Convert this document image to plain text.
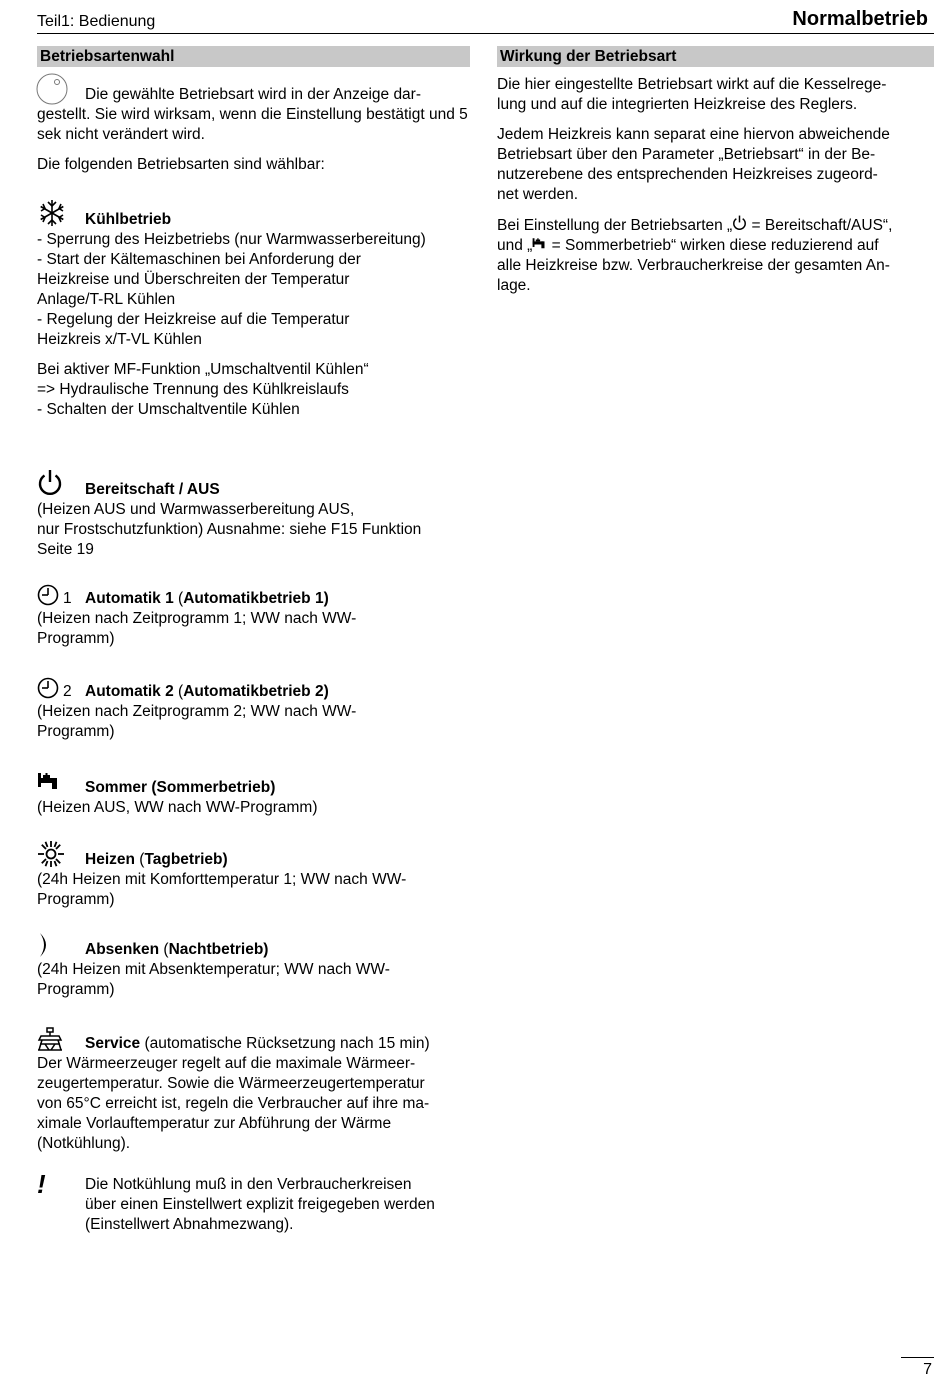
Teil1: Bedienung	Normalbetrieb
Betriebsartenwahl

Die gewählte Betriebsart wird in der Anzeige dar-

gestellt. Sie wird wirksam, wenn die Einstellung bestätigt und 5 sek nicht verändert wird.

Die folgenden Betriebsarten sind wählbar:

Kühlbetrieb

- Sperrung des Heizbetriebs (nur Warmwasserbereitung)

- Start der Kältemaschinen bei Anforderung der

Heizkreise und Überschreiten der Temperatur

Anlage/T-RL Kühlen

- Regelung der Heizkreise auf die Temperatur

Heizkreis x/T-VL Kühlen

Bei aktiver MF-Funktion „Umschaltventil Kühlen“

=> Hydraulische Trennung des Kühlkreislaufs

- Schalten der Umschaltventile Kühlen

Bereitschaft / AUS

(Heizen AUS und Warmwasserbereitung AUS,

nur Frostschutzfunktion) Ausnahme: siehe F15 Funktion

Seite 19

1 Automatik 1 (Automatikbetrieb 1)

(Heizen nach Zeitprogramm 1; WW nach WW-

Programm)

2 Automatik 2 (Automatikbetrieb 2)

(Heizen nach Zeitprogramm 2; WW nach WW-

Programm)

Sommer (Sommerbetrieb)

(Heizen AUS, WW nach WW-Programm)

Heizen (Tagbetrieb)

(24h Heizen mit Komforttemperatur 1; WW nach WW-

Programm)

Absenken (Nachtbetrieb)

(24h Heizen mit Absenktemperatur; WW nach WW-

Programm)

Service (automatische Rücksetzung nach 15 min)

Der Wärmeerzeuger regelt auf die maximale Wärmeer-

zeugertemperatur. Sowie die Wärmeerzeugertemperatur

von 65°C erreicht ist, regeln die Verbraucher auf ihre ma-

ximale Vorlauftemperatur zur Abführung der Wärme

(Notkühlung).

!	Die Notkühlung muß in den Verbraucherkreisen

über einen Einstellwert explizit freigegeben werden

(Einstellwert Abnahmezwang).

Wirkung der Betriebsart

Die hier eingestellte Betriebsart wirkt auf die Kesselrege-

lung und auf die integrierten Heizkreise des Reglers.

Jedem Heizkreis kann separat eine hiervon abweichende

Betriebsart über den Parameter „Betriebsart“ in der Be-

nutzerebene des entsprechenden Heizkreises zugeord-

net werden.

Bei Einstellung der Betriebsarten „ = Bereitschaft/AUS“,

und „ = Sommerbetrieb“ wirken diese reduzierend auf

alle Heizkreise bzw. Verbraucherkreise der gesamten An-

lage.

7
